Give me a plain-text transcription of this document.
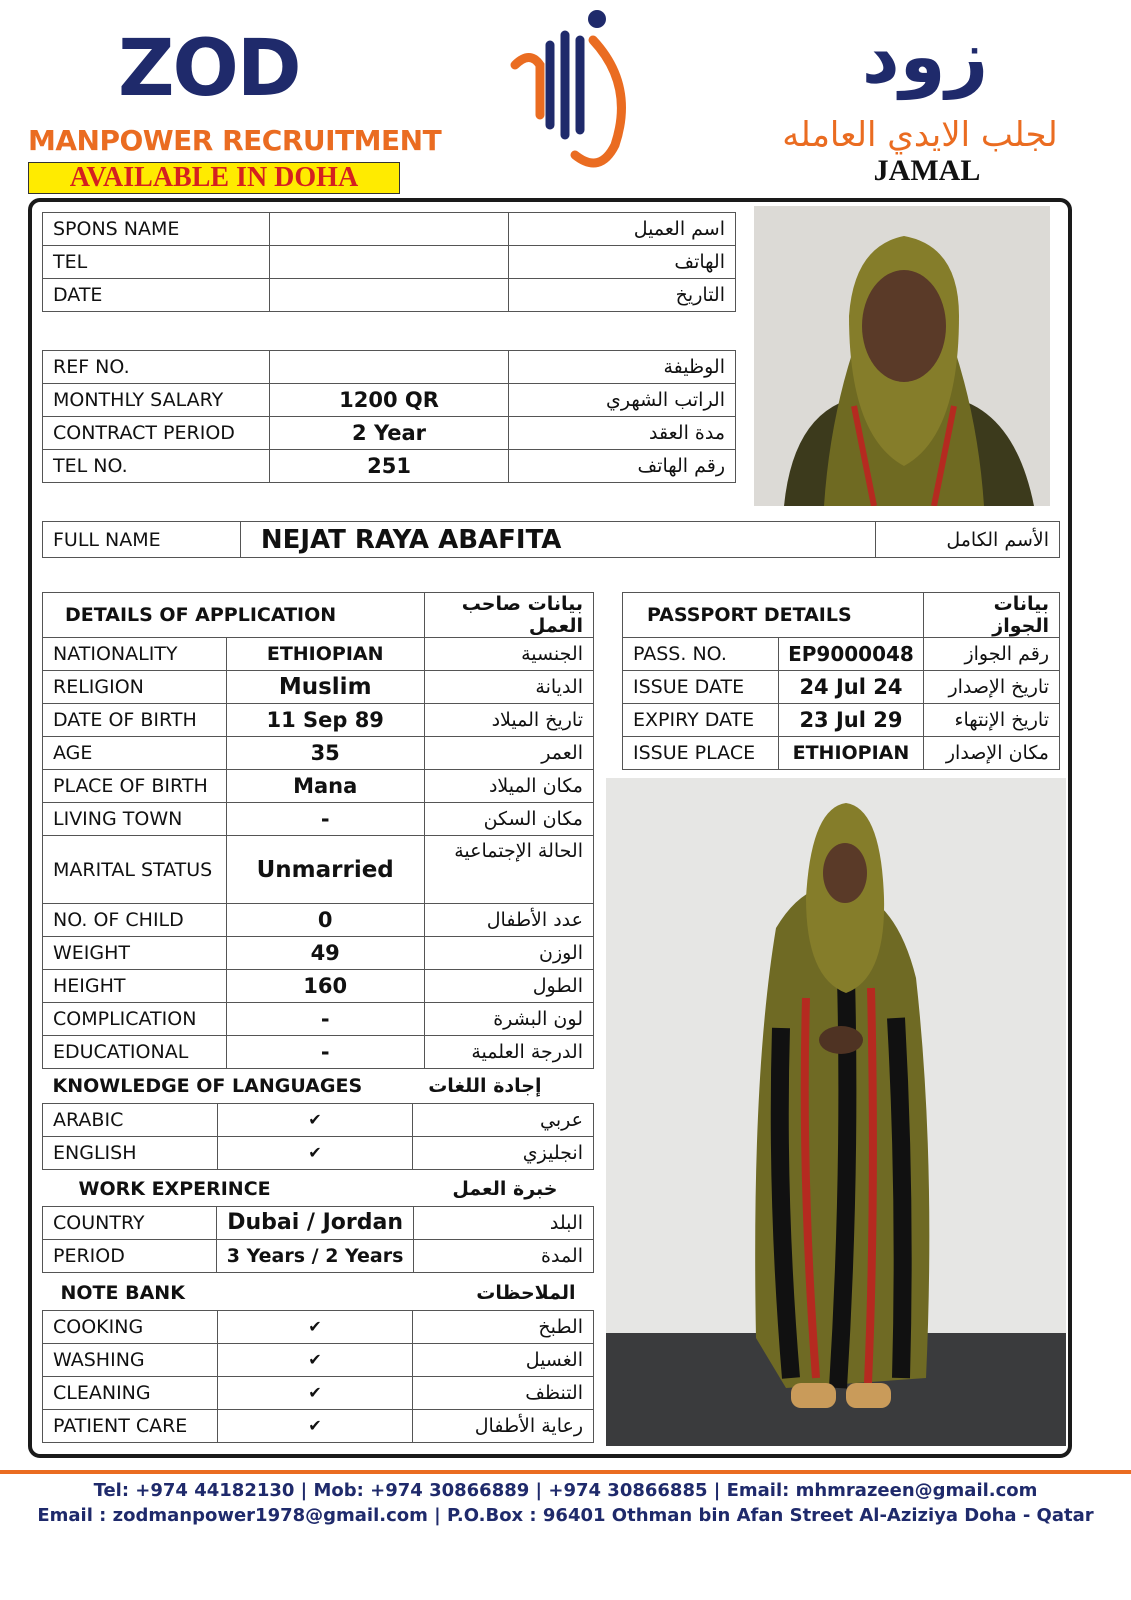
ZOD
MANPOWER RECRUITMENT
AVAILABLE IN DOHA
زود
لجلب الايدي العامله
JAMAL
SPONS NAME		اسم العميل
TEL		الهاتف
DATE		التاريخ
REF NO.		الوظيفة
MONTHLY SALARY	1200 QR	الراتب الشهري
CONTRACT PERIOD	2 Year	مدة العقد
TEL NO.	251	رقم الهاتف
FULL NAME	NEJAT RAYA ABAFITA	الأسم الكامل
DETAILS OF APPLICATION		بيانات صاحب العمل
NATIONALITY	ETHIOPIAN	الجنسية
RELIGION	Muslim	الديانة
DATE OF BIRTH	11 Sep 89	تاريخ الميلاد
AGE	35	العمر
PLACE OF BIRTH	Mana	مكان الميلاد
LIVING TOWN	-	مكان السكن
MARITAL STATUS	Unmarried	الحالة الإجتماعية
NO. OF CHILD	0	عدد الأطفال
WEIGHT	49	الوزن
HEIGHT	160	الطول
COMPLICATION	-	لون البشرة
EDUCATIONAL	-	الدرجة العلمية
KNOWLEDGE OF LANGUAGES		إجادة اللغات
ARABIC	✔	عربي
ENGLISH	✔	انجليزي
WORK EXPERINCE		خبرة العمل
COUNTRY	Dubai / Jordan	البلد
PERIOD	3 Years / 2 Years	المدة
NOTE BANK		الملاحظات
COOKING	✔	الطبخ
WASHING	✔	الغسيل
CLEANING	✔	التنظف
PATIENT CARE	✔	رعاية الأطفال
PASSPORT DETAILS		بيانات الجواز
PASS. NO.	EP9000048	رقم الجواز
ISSUE DATE	24 Jul 24	تاريخ الإصدار
EXPIRY DATE	23 Jul 29	تاريخ الإنتهاء
ISSUE PLACE	ETHIOPIAN	مكان الإصدار
Tel: +974 44182130 | Mob: +974 30866889 | +974 30866885 | Email: mhmrazeen@gmail.com
Email : zodmanpower1978@gmail.com | P.O.Box : 96401 Othman bin Afan Street Al-Aziziya Doha - Qatar
